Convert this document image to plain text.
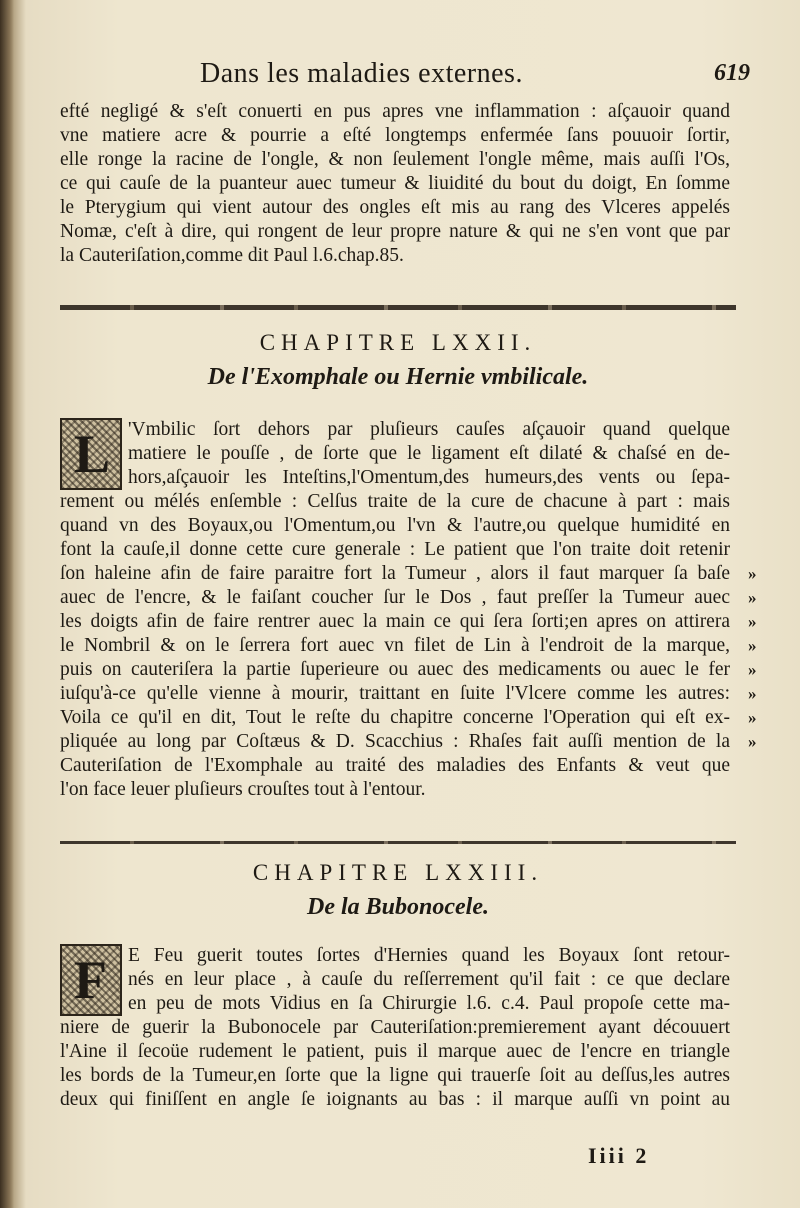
Dans les maladies externes.	619
efté negligé & s'eſt conuerti en pus apres vne inflammation : aſçauoir quand
vne matiere acre & pourrie a eſté longtemps enfermée ſans pouuoir ſortir,
elle ronge la racine de l'ongle, & non ſeulement l'ongle même, mais auſſi l'Os,
ce qui cauſe de la puanteur auec tumeur & liuidité du bout du doigt, En ſomme
le Pterygium qui vient autour des ongles eſt mis au rang des Vlceres appelés
Nomæ, c'eſt à dire, qui rongent de leur propre nature & qui ne s'en vont que par
la Cauteriſation,comme dit Paul l.6.chap.85.
CHAPITRE LXXII.
De l'Exomphale ou Hernie vmbilicale.
L 'Vmbilic ſort dehors par pluſieurs cauſes aſçauoir quand quelque
matiere le pouſſe , de ſorte que le ligament eſt dilaté & chaſsé en de-
hors,aſçauoir les Inteſtins,l'Omentum,des humeurs,des vents ou ſepa-
rement ou mélés enſemble : Celſus traite de la cure de chacune à part : mais
quand vn des Boyaux,ou l'Omentum,ou l'vn & l'autre,ou quelque humidité en
font la cauſe,il donne cette cure generale : Le patient que l'on traite doit retenir
ſon haleine afin de faire paraitre fort la Tumeur , alors il faut marquer ſa baſe
auec de l'encre, & le faiſant coucher ſur le Dos , faut preſſer la Tumeur auec
les doigts afin de faire rentrer auec la main ce qui ſera ſorti;en apres on attirera
le Nombril & on le ſerrera fort auec vn filet de Lin à l'endroit de la marque,
puis on cauteriſera la partie ſuperieure ou auec des medicaments ou auec le fer
iuſqu'à-ce qu'elle vienne à mourir, traittant en ſuite l'Vlcere comme les autres:
Voila ce qu'il en dit, Tout le reſte du chapitre concerne l'Operation qui eſt ex-
pliquée au long par Coſtæus & D. Scacchius : Rhaſes fait auſſi mention de la
Cauteriſation de l'Exomphale au traité des maladies des Enfants & veut que
l'on face leuer pluſieurs crouſtes tout à l'entour.
»
»
»
»
»
»
»
»
CHAPITRE LXXIII.
De la Bubonocele.
F E Feu guerit toutes ſortes d'Hernies quand les Boyaux ſont retour-
nés en leur place , à cauſe du reſſerrement qu'il fait : ce que declare
en peu de mots Vidius en ſa Chirurgie l.6. c.4. Paul propoſe cette ma-
niere de guerir la Bubonocele par Cauteriſation:premierement ayant découuert
l'Aine il ſecoüe rudement le patient, puis il marque auec de l'encre en triangle
les bords de la Tumeur,en ſorte que la ligne qui trauerſe ſoit au deſſus,les autres
deux qui finiſſent en angle ſe ioignants au bas : il marque auſſi vn point au
Iiii 2
